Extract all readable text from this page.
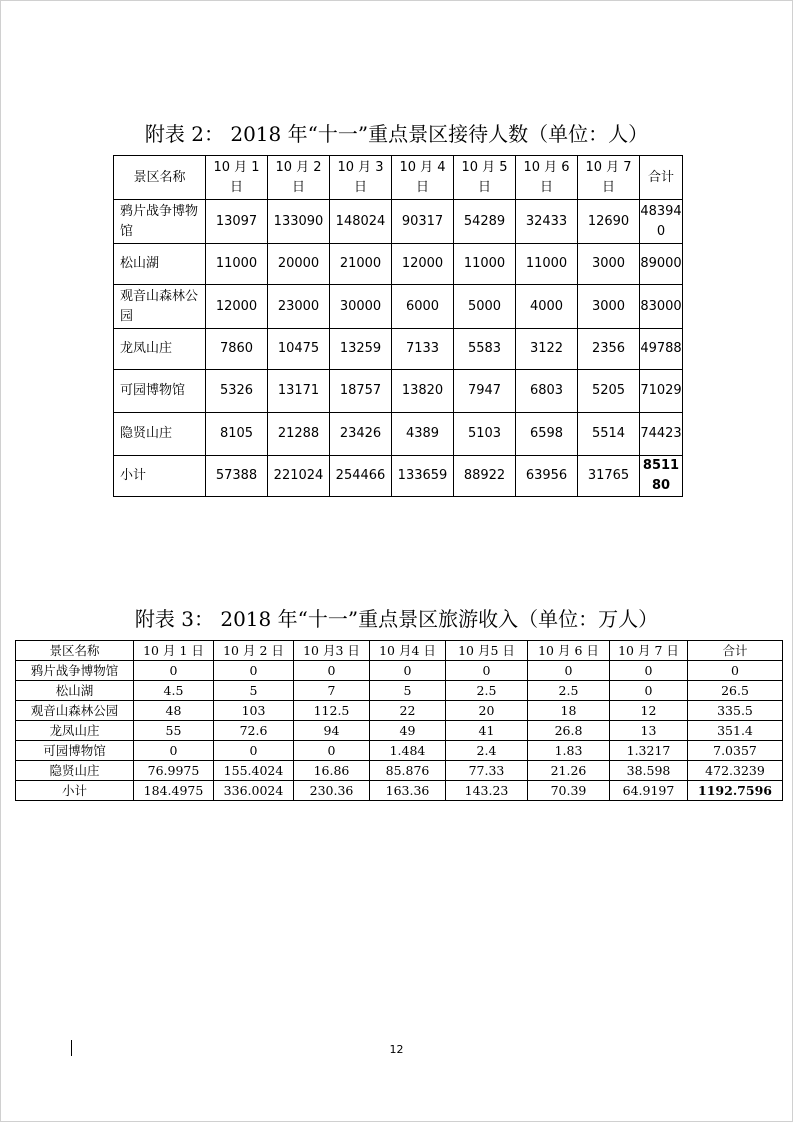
附表 2： 2018 年“十一”重点景区接待人数（单位：人）
景区名称	10 月 1 日	10 月 2 日	10 月 3 日	10 月 4 日	10 月 5 日	10 月 6 日	10 月 7 日	合计
鸦片战争博物馆	13097	133090	148024	90317	54289	32433	12690	483940
松山湖	11000	20000	21000	12000	11000	11000	3000	89000
观音山森林公园	12000	23000	30000	6000	5000	4000	3000	83000
龙凤山庄	7860	10475	13259	7133	5583	3122	2356	49788
可园博物馆	5326	13171	18757	13820	7947	6803	5205	71029
隐贤山庄	8105	21288	23426	4389	5103	6598	5514	74423
小计	57388	221024	254466	133659	88922	63956	31765	851180
附表 3： 2018 年“十一”重点景区旅游收入（单位：万人）
景区名称	10 月 1 日	10 月 2 日	10 月3 日	10 月4 日	10 月5 日	10 月 6 日	10 月 7 日	合计
鸦片战争博物馆	0	0	0	0	0	0	0	0
松山湖	4.5	5	7	5	2.5	2.5	0	26.5
观音山森林公园	48	103	112.5	22	20	18	12	335.5
龙凤山庄	55	72.6	94	49	41	26.8	13	351.4
可园博物馆	0	0	0	1.484	2.4	1.83	1.3217	7.0357
隐贤山庄	76.9975	155.4024	16.86	85.876	77.33	21.26	38.598	472.3239
小计	184.4975	336.0024	230.36	163.36	143.23	70.39	64.9197	1192.7596
12
